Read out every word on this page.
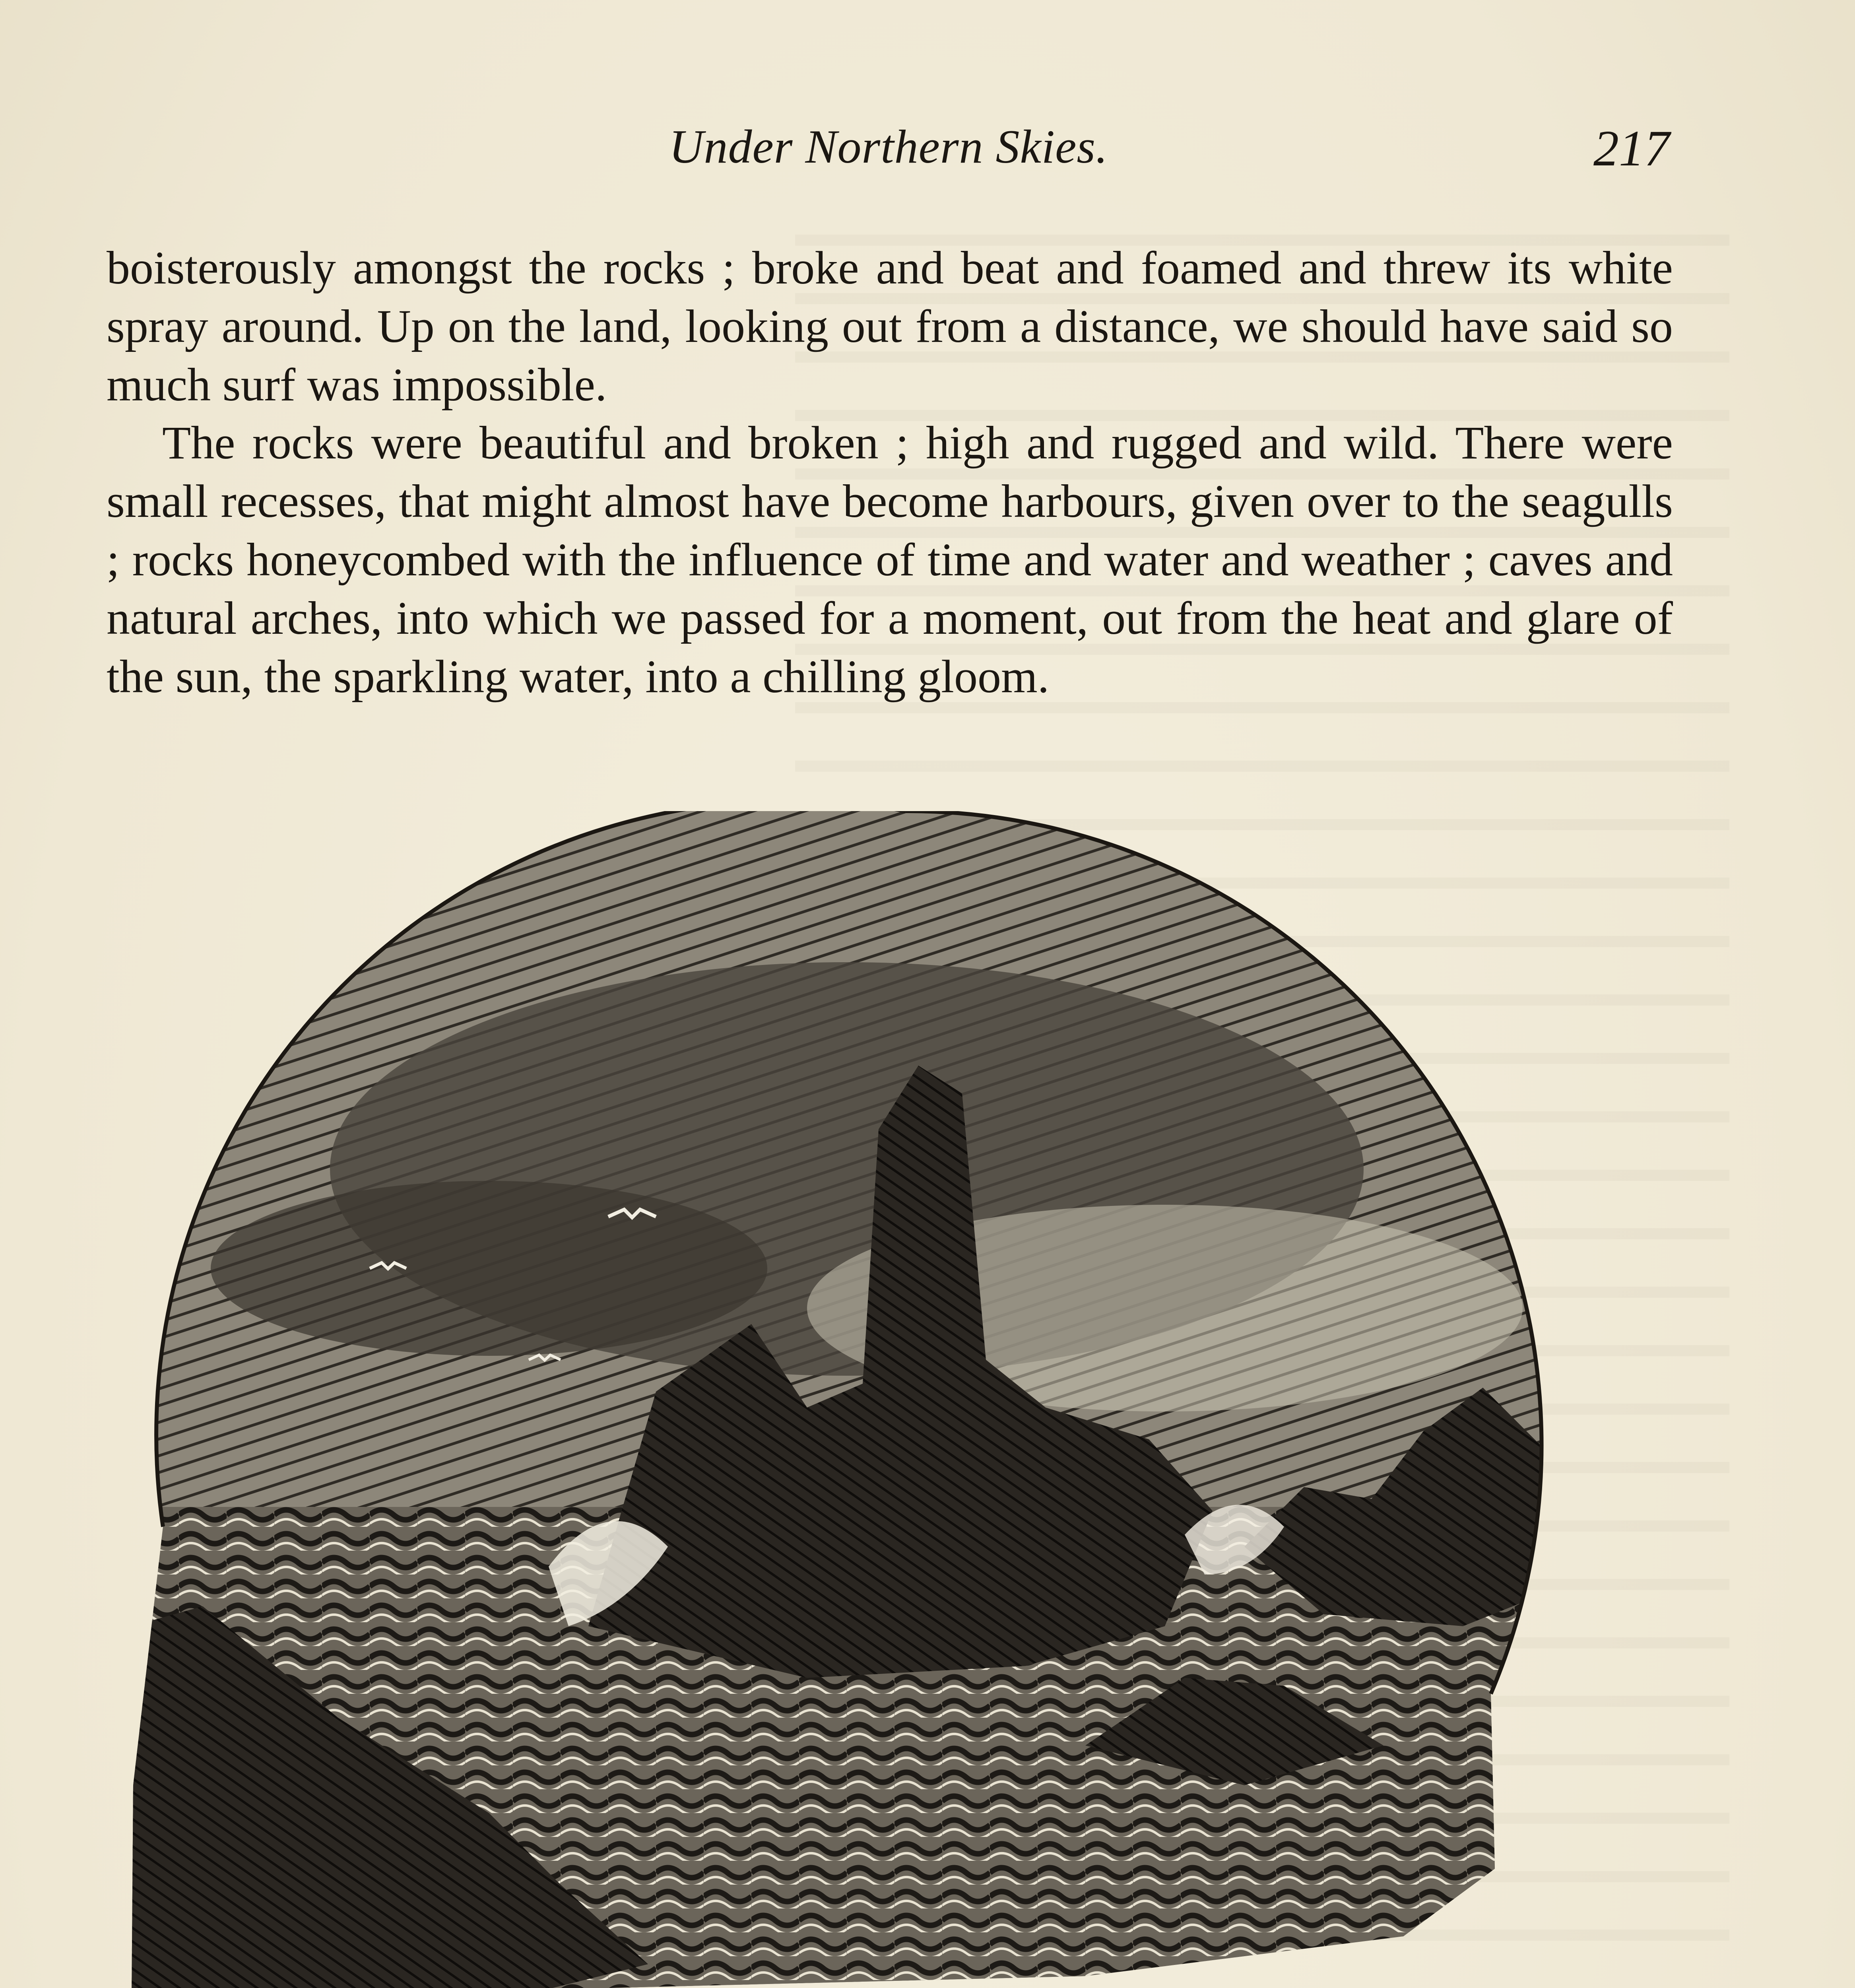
Under Northern Skies.	217

boisterously amongst the rocks ; broke and beat and foamed and threw its white spray around. Up on the land, looking out from a distance, we should have said so much surf was impossible.

The rocks were beautiful and broken ; high and rugged and wild. There were small recesses, that might almost have become harbours, given over to the seagulls ; rocks honeycombed with the influence of time and water and weather ; caves and natural arches, into which we passed for a moment, out from the heat and glare of the sun, the sparkling water, into a chilling gloom.
